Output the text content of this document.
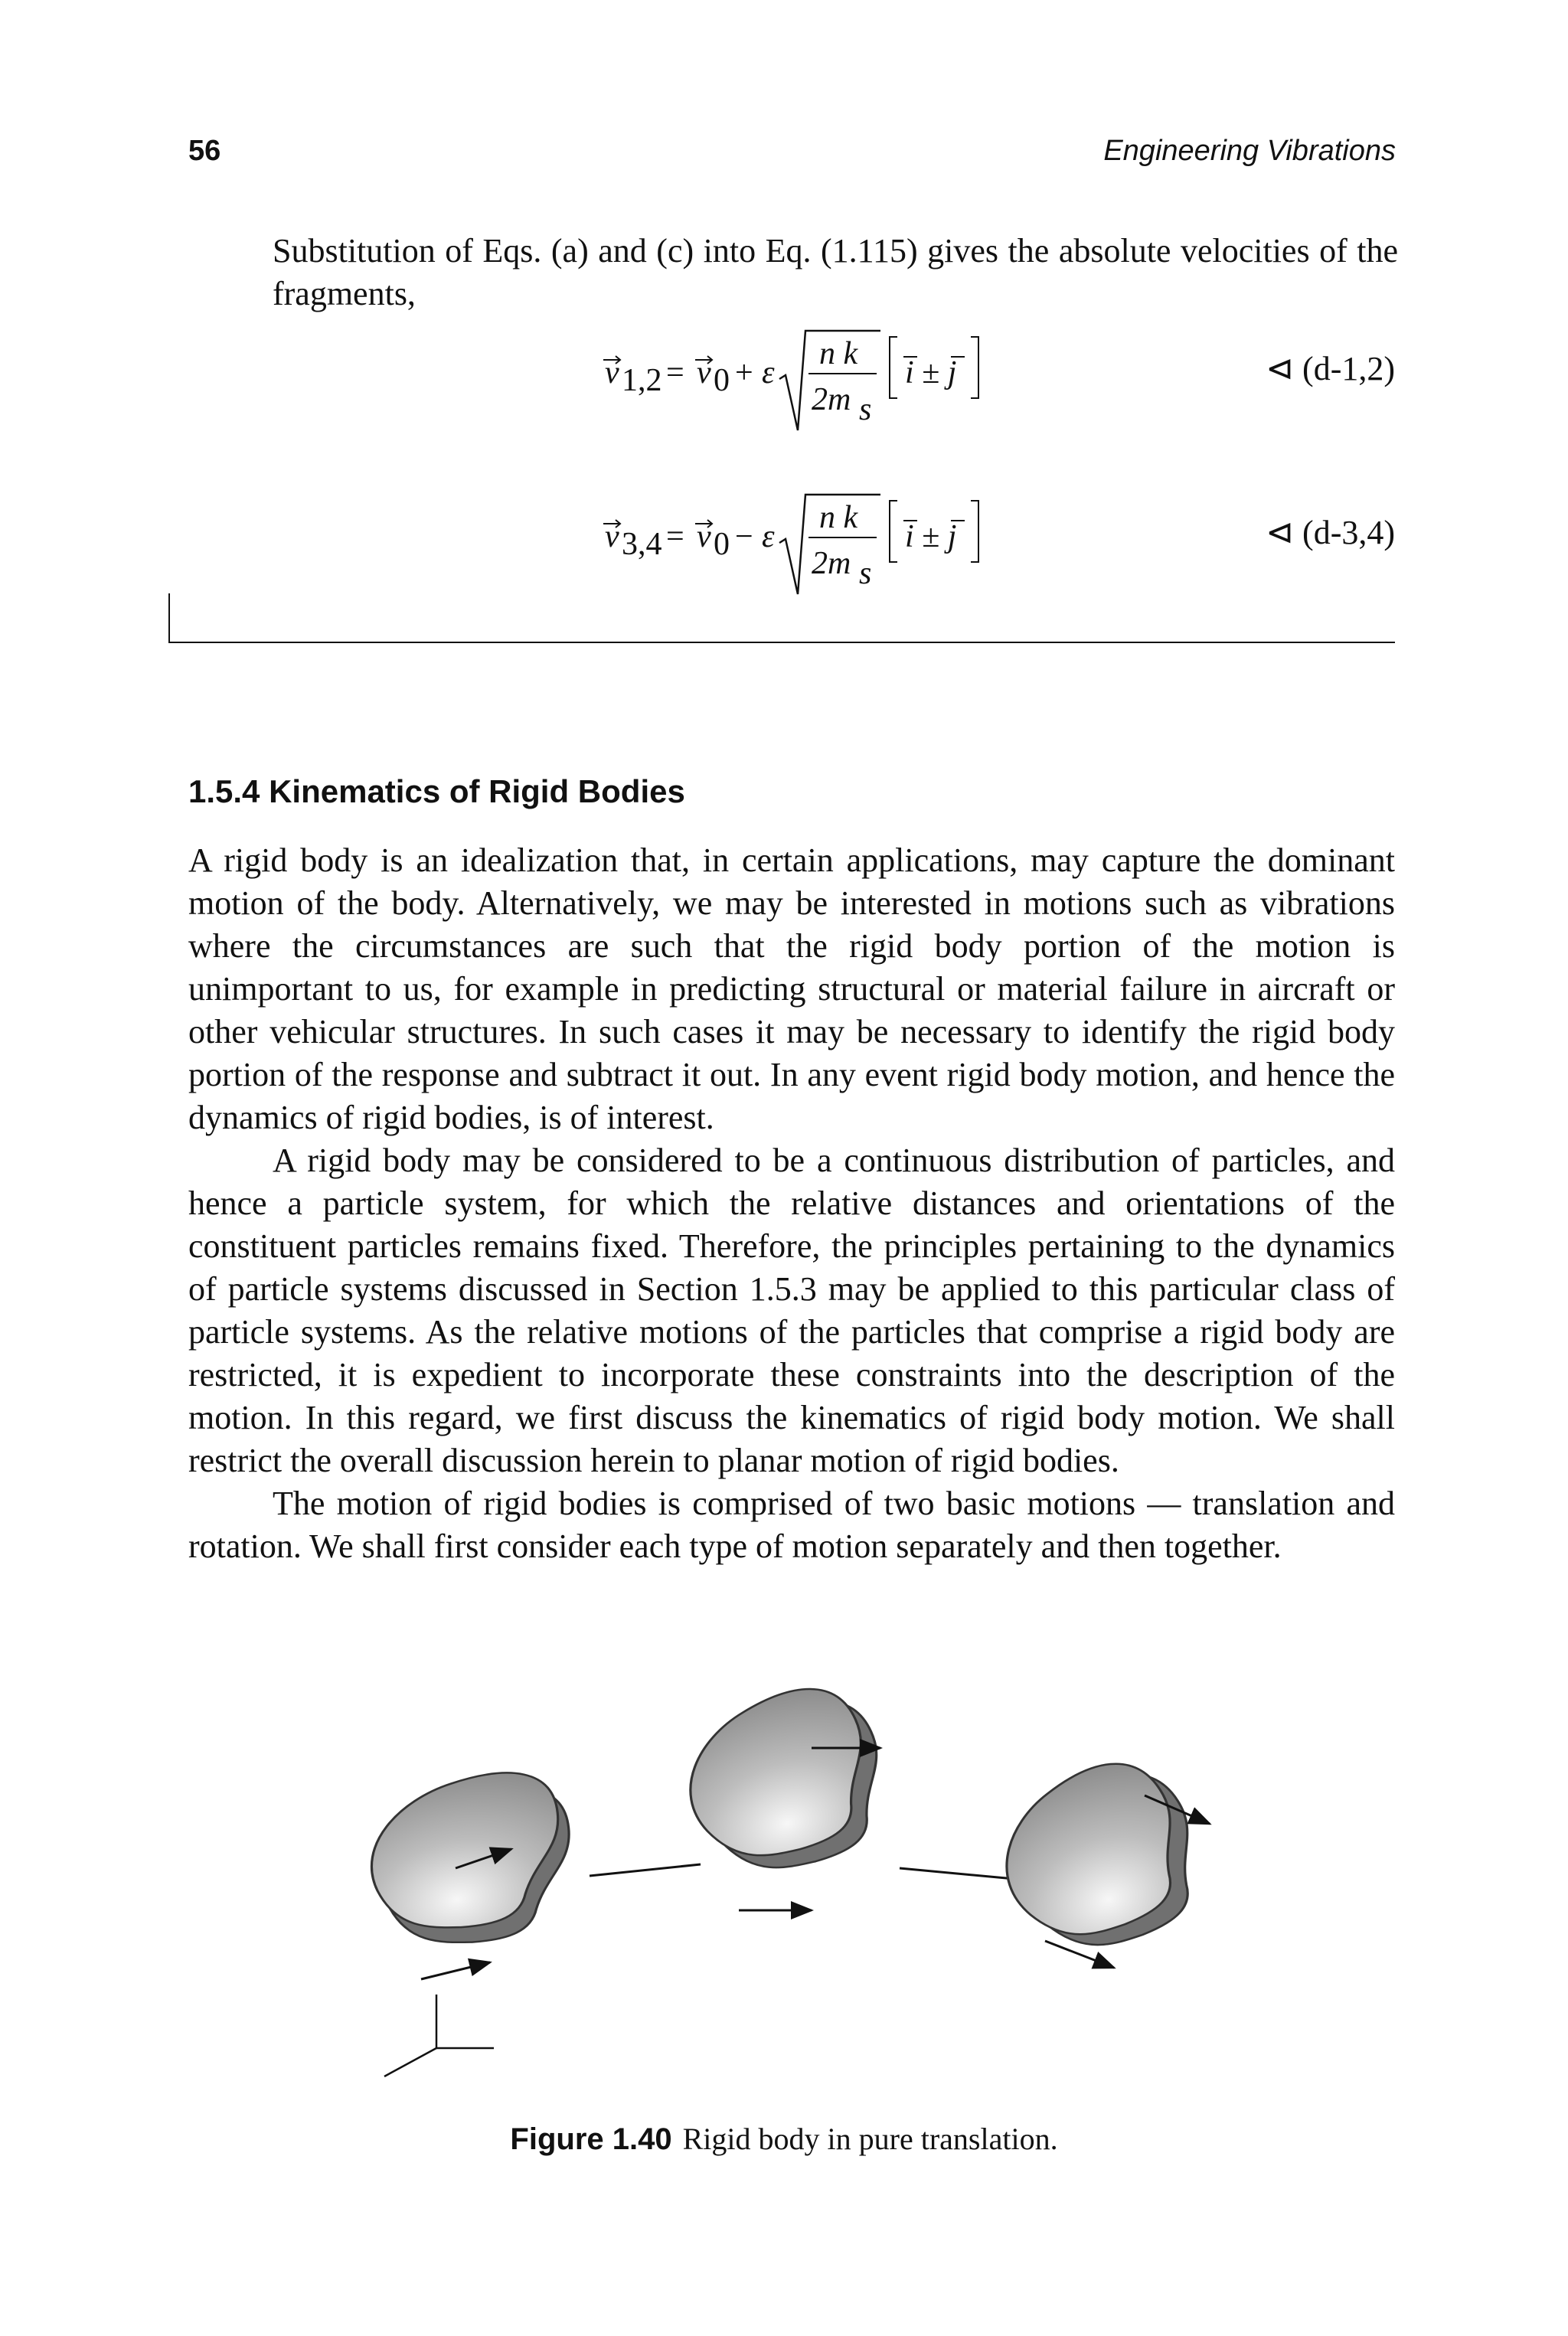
56	Engineering Vibrations

Substitution of Eqs. (a) and (c) into Eq. (1.115) gives the absolute velocities of the fragments,

v 1,2 = v 0 + ε
n k
2m s
i ± j	⊲ (d-1,2)
v 3,4 = v 0 − ε
n k
2m s
i ± j	⊲ (d-3,4)
1.5.4 Kinematics of Rigid Bodies

A rigid body is an idealization that, in certain applications, may capture the dominant motion of the body. Alternatively, we may be interested in motions such as vibrations where the circumstances are such that the rigid body portion of the motion is unimportant to us, for example in predicting structural or material failure in aircraft or other vehicular structures. In such cases it may be necessary to identify the rigid body portion of the response and subtract it out. In any event rigid body motion, and hence the dynamics of rigid bodies, is of interest.

A rigid body may be considered to be a continuous distribution of particles, and hence a particle system, for which the relative distances and orientations of the constituent particles remains fixed. Therefore, the principles pertaining to the dynamics of particle systems discussed in Section 1.5.3 may be applied to this particular class of particle systems. As the relative motions of the particles that comprise a rigid body are restricted, it is expedient to incorporate these constraints into the description of the motion. In this regard, we first discuss the kinematics of rigid body motion. We shall restrict the overall discussion herein to planar motion of rigid bodies.

The motion of rigid bodies is comprised of two basic motions — translation and rotation. We shall first consider each type of motion separately and then together.

Figure 1.40 Rigid body in pure translation.
